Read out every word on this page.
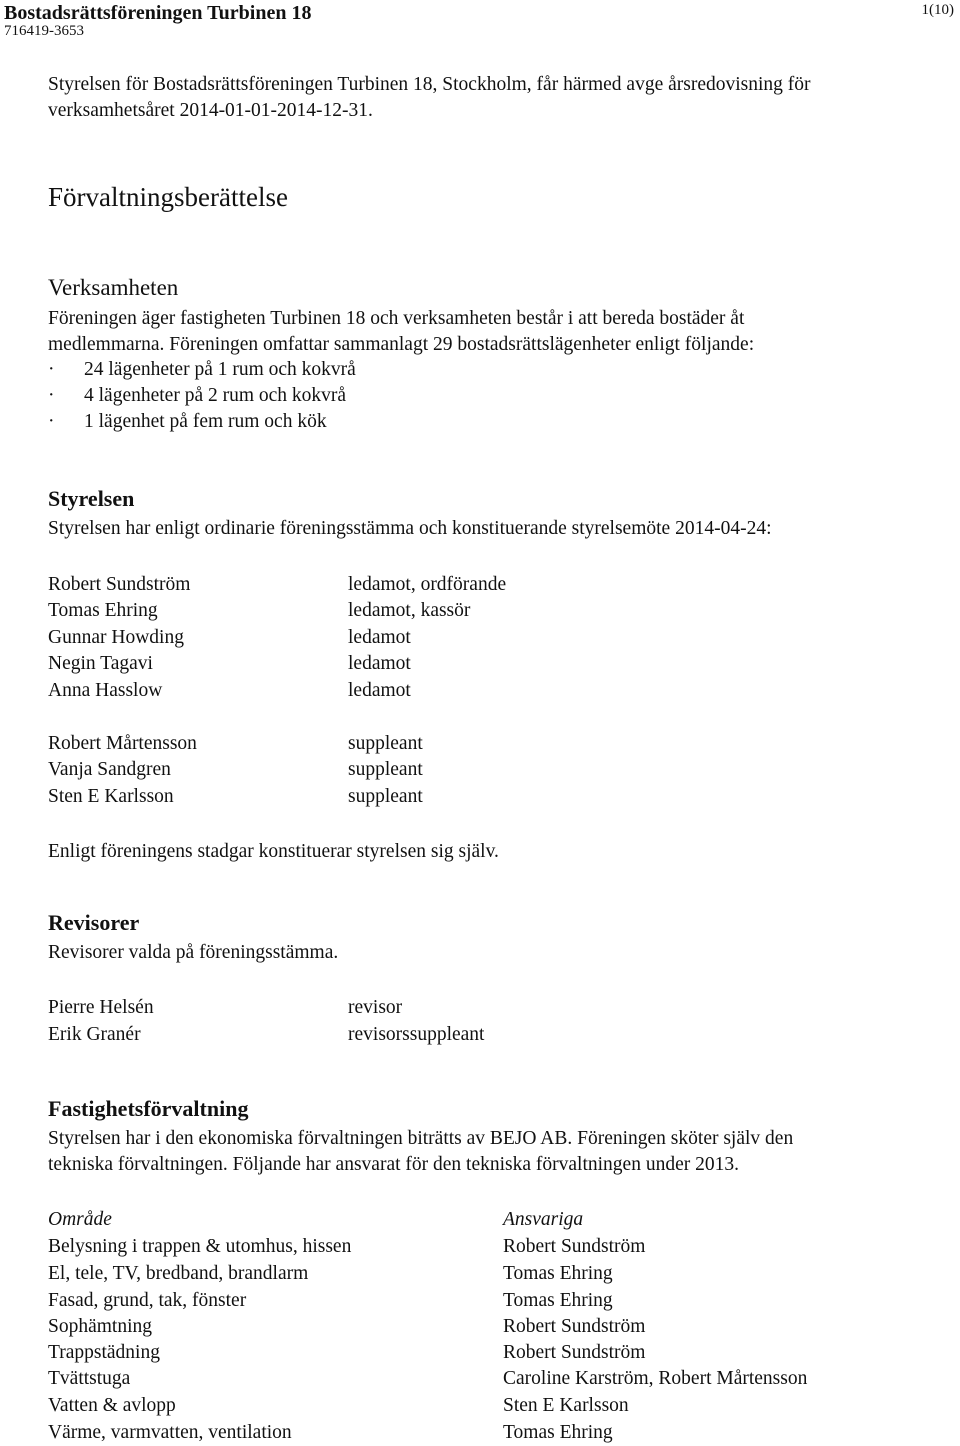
Bostadsrättsföreningen Turbinen 18
716419-3653
1(10)
Styrelsen för Bostadsrättsföreningen Turbinen 18, Stockholm, får härmed avge årsredovisning för
verksamhetsåret 2014-01-01-2014-12-31.
Förvaltningsberättelse
Verksamheten
Föreningen äger fastigheten Turbinen 18 och verksamheten består i att bereda bostäder åt
medlemmarna. Föreningen omfattar sammanlagt 29 bostadsrättslägenheter enligt följande:
· 24 lägenheter på 1 rum och kokvrå
· 4 lägenheter på 2 rum och kokvrå
· 1 lägenhet på fem rum och kök
Styrelsen
Styrelsen har enligt ordinarie föreningsstämma och konstituerande styrelsemöte 2014-04-24:
Robert Sundström	ledamot, ordförande
Tomas Ehring	ledamot, kassör
Gunnar Howding	ledamot
Negin Tagavi	ledamot
Anna Hasslow	ledamot
Robert Mårtensson	suppleant
Vanja Sandgren	suppleant
Sten E Karlsson	suppleant
Enligt föreningens stadgar konstituerar styrelsen sig själv.
Revisorer
Revisorer valda på föreningsstämma.
Pierre Helsén	revisor
Erik Granér	revisorssuppleant
Fastighetsförvaltning
Styrelsen har i den ekonomiska förvaltningen biträtts av BEJO AB. Föreningen sköter själv den
tekniska förvaltningen. Följande har ansvarat för den tekniska förvaltningen under 2013.
Område	Ansvariga
Belysning i trappen & utomhus, hissen	Robert Sundström
El, tele, TV, bredband, brandlarm	Tomas Ehring
Fasad, grund, tak, fönster	Tomas Ehring
Sophämtning	Robert Sundström
Trappstädning	Robert Sundström
Tvättstuga	Caroline Karström, Robert Mårtensson
Vatten & avlopp	Sten E Karlsson
Värme, varmvatten, ventilation	Tomas Ehring
